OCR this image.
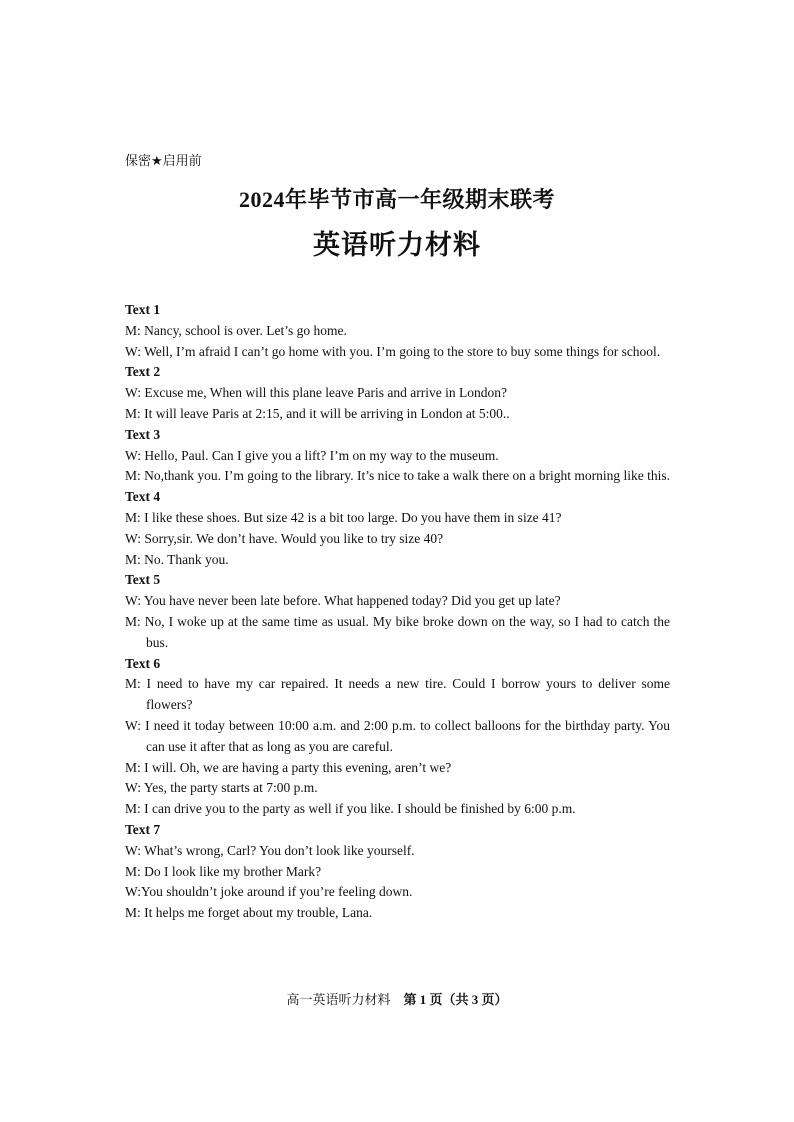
保密★启用前
2024年毕节市高一年级期末联考
英语听力材料
Text 1
M: Nancy, school is over. Let’s go home.
W: Well, I’m afraid I can’t go home with you. I’m going to the store to buy some things for school.
Text 2
W: Excuse me, When will this plane leave Paris and arrive in London?
M: It will leave Paris at 2:15, and it will be arriving in London at 5:00..
Text 3
W: Hello, Paul. Can I give you a lift? I’m on my way to the museum.
M: No,thank you. I’m going to the library. It’s nice to take a walk there on a bright morning like this.
Text 4
M: I like these shoes. But size 42 is a bit too large. Do you have them in size 41?
W: Sorry,sir. We don’t have. Would you like to try size 40?
M: No. Thank you.
Text 5
W: You have never been late before. What happened today? Did you get up late?
M: No, I woke up at the same time as usual. My bike broke down on the way, so I had to catch the bus.
Text 6
M: I need to have my car repaired. It needs a new tire. Could I borrow yours to deliver some flowers?
W: I need it today between 10:00 a.m. and 2:00 p.m. to collect balloons for the birthday party. You can use it after that as long as you are careful.
M: I will. Oh, we are having a party this evening, aren’t we?
W: Yes, the party starts at 7:00 p.m.
M: I can drive you to the party as well if you like. I should be finished by 6:00 p.m.
Text 7
W: What’s wrong, Carl? You don’t look like yourself.
M: Do I look like my brother Mark?
W:You shouldn’t joke around if you’re feeling down.
M: It helps me forget about my trouble, Lana.
高一英语听力材料 第 1 页（共 3 页）
